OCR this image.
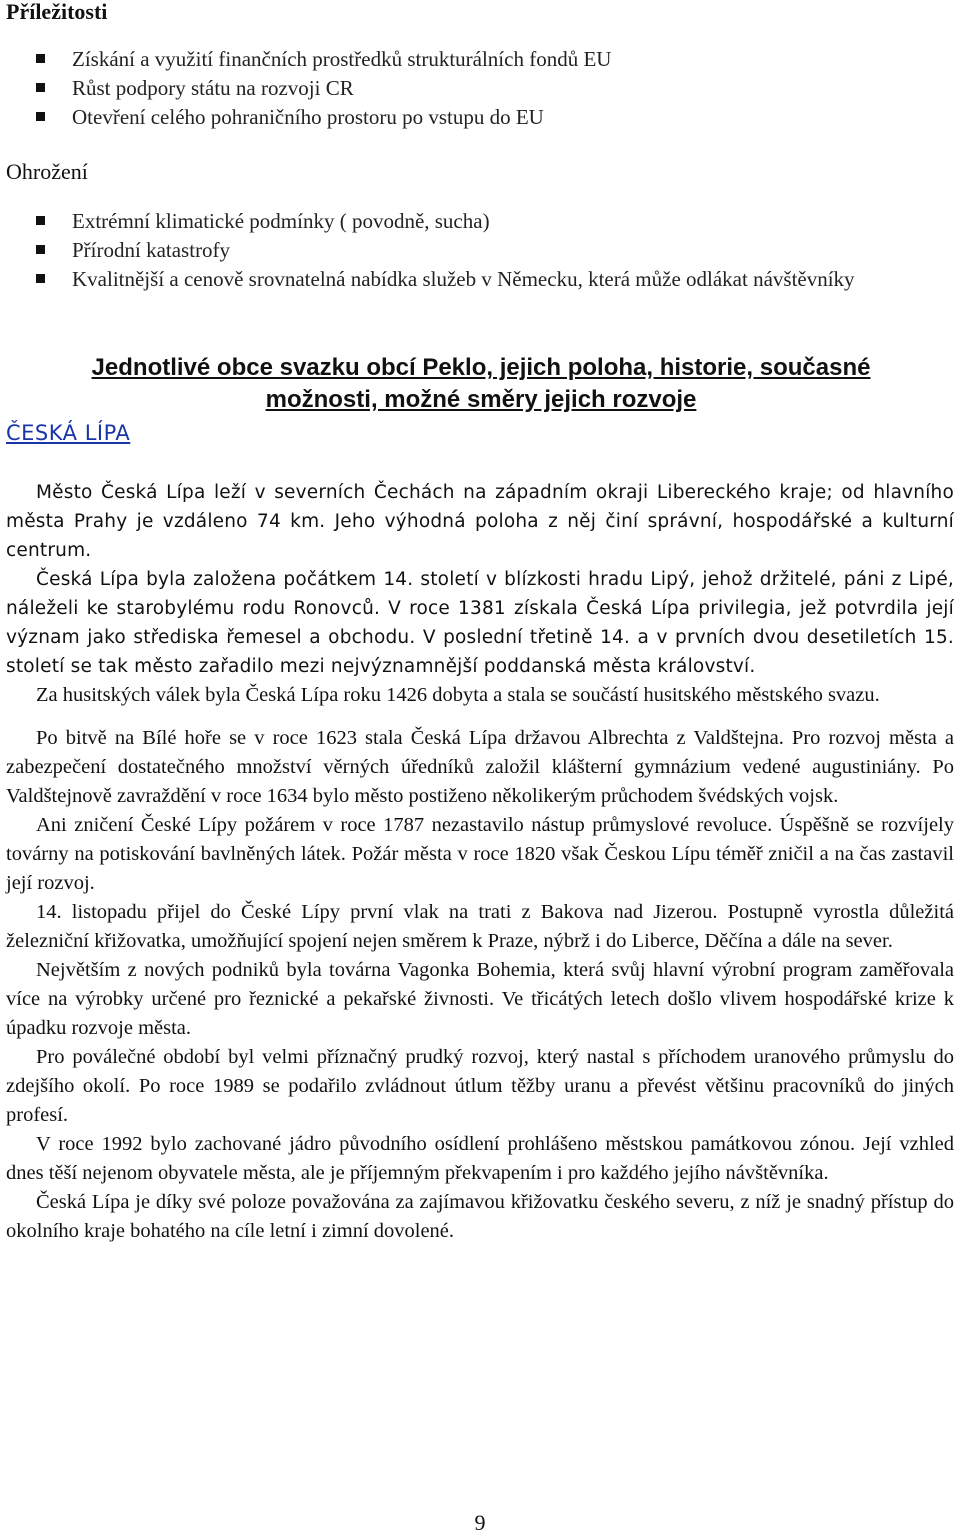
Příležitosti
Získání a využití finančních prostředků strukturálních fondů EU
Růst podpory státu na rozvoji CR
Otevření celého pohraničního prostoru po vstupu do EU
Ohrožení
Extrémní klimatické podmínky ( povodně, sucha)
Přírodní katastrofy
Kvalitnější a cenově srovnatelná nabídka služeb v Německu, která může odlákat návštěvníky
Jednotlivé obce svazku obcí Peklo, jejich poloha, historie, současné možnosti, možné směry jejich rozvoje
ČESKÁ LÍPA

Město Česká Lípa leží v severních Čechách na západním okraji Libereckého kraje; od hlavního města Prahy je vzdáleno 74 km. Jeho výhodná poloha z něj činí správní, hospodářské a kulturní centrum.

Česká Lípa byla založena počátkem 14. století v blízkosti hradu Lipý, jehož držitelé, páni z Lipé, náleželi ke starobylému rodu Ronovců. V roce 1381 získala Česká Lípa privilegia, jež potvrdila její význam jako střediska řemesel a obchodu. V poslední třetině 14. a v prvních dvou desetiletích 15. století se tak město zařadilo mezi nejvýznamnější poddanská města království.

Za husitských válek byla Česká Lípa roku 1426 dobyta a stala se součástí husitského městského svazu.

Po bitvě na Bílé hoře se v roce 1623 stala Česká Lípa državou Albrechta z Valdštejna. Pro rozvoj města a zabezpečení dostatečného množství věrných úředníků založil klášterní gymnázium vedené augustiniány. Po Valdštejnově zavraždění v roce 1634 bylo město postiženo několikerým průchodem švédských vojsk.

Ani zničení České Lípy požárem v roce 1787 nezastavilo nástup průmyslové revoluce. Úspěšně se rozvíjely továrny na potiskování bavlněných látek. Požár města v roce 1820 však Českou Lípu téměř zničil a na čas zastavil její rozvoj.

14. listopadu přijel do České Lípy první vlak na trati z Bakova nad Jizerou. Postupně vyrostla důležitá železniční křižovatka, umožňující spojení nejen směrem k Praze, nýbrž i do Liberce, Děčína a dále na sever.

Největším z nových podniků byla továrna Vagonka Bohemia, která svůj hlavní výrobní program zaměřovala více na výrobky určené pro řeznické a pekařské živnosti. Ve třicátých letech došlo vlivem hospodářské krize k úpadku rozvoje města.

Pro poválečné období byl velmi příznačný prudký rozvoj, který nastal s příchodem uranového průmyslu do zdejšího okolí. Po roce 1989 se podařilo zvládnout útlum těžby uranu a převést většinu pracovníků do jiných profesí.

V roce 1992 bylo zachované jádro původního osídlení prohlášeno městskou památkovou zónou. Její vzhled dnes těší nejenom obyvatele města, ale je příjemným překvapením i pro každého jejího návštěvníka.

Česká Lípa je díky své poloze považována za zajímavou křižovatku českého severu, z níž je snadný přístup do okolního kraje bohatého na cíle letní i zimní dovolené.

9
